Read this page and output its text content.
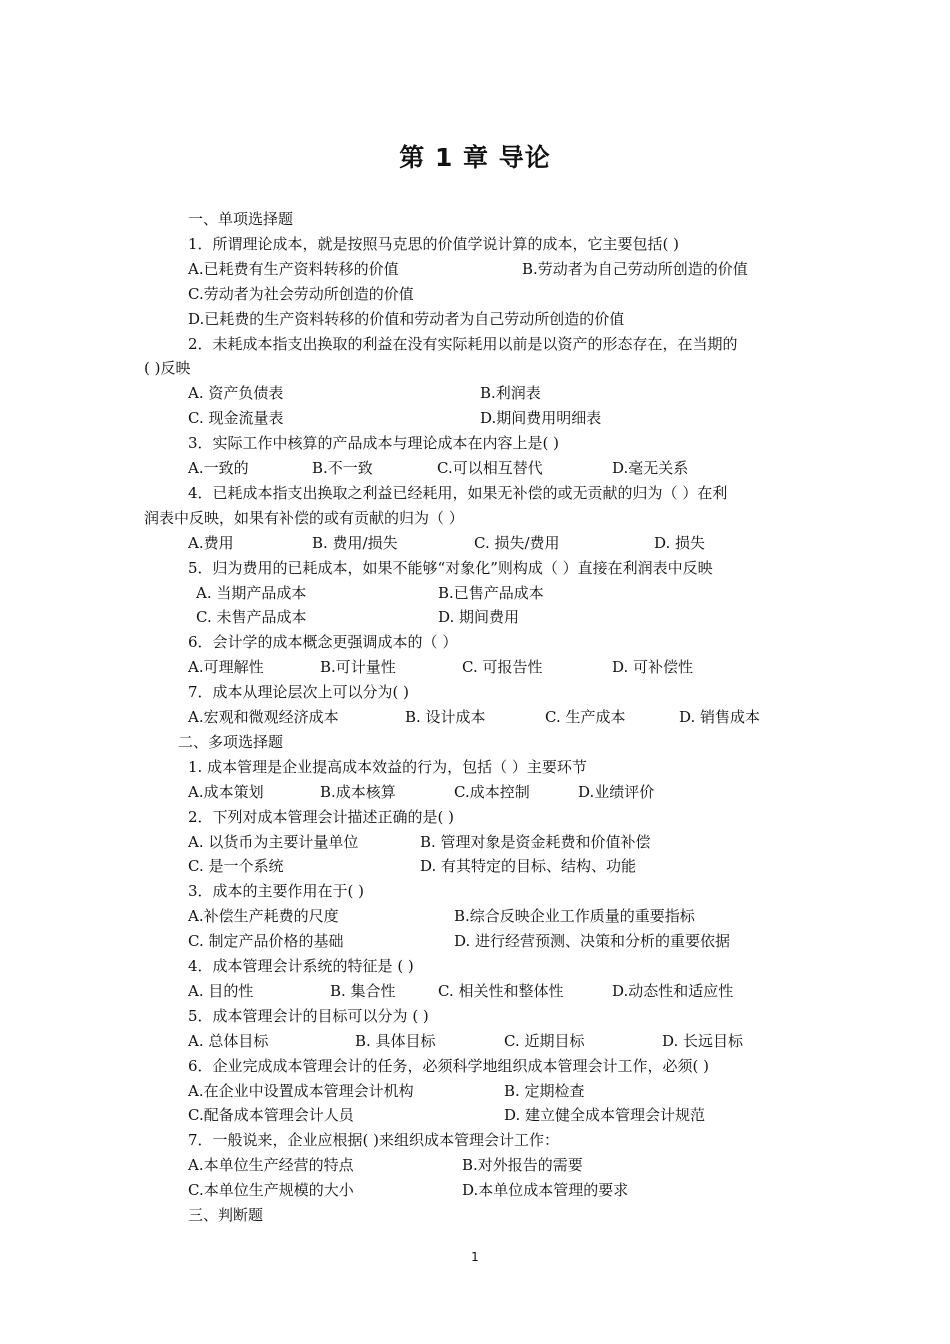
第 1 章 导论
一、单项选择题
1．所谓理论成本，就是按照马克思的价值学说计算的成本，它主要包括( )
A.已耗费有生产资料转移的价值	B.劳动者为自己劳动所创造的价值
C.劳动者为社会劳动所创造的价值
D.已耗费的生产资料转移的价值和劳动者为自己劳动所创造的价值
2．未耗成本指支出换取的利益在没有实际耗用以前是以资产的形态存在，在当期的
( )反映
A. 资产负债表	B.利润表
C. 现金流量表	D.期间费用明细表
3．实际工作中核算的产品成本与理论成本在内容上是( )
A.一致的	B.不一致	C.可以相互替代	D.毫无关系
4．已耗成本指支出换取之利益已经耗用，如果无补偿的或无贡献的归为（ ）在利
润表中反映，如果有补偿的或有贡献的归为（ ）
A.费用	B. 费用/损失	C. 损失/费用	D. 损失
5．归为费用的已耗成本，如果不能够“对象化”则构成（ ）直接在利润表中反映
A. 当期产品成本	B.已售产品成本
C. 未售产品成本	D. 期间费用
6．会计学的成本概念更强调成本的（ ）
A.可理解性	B.可计量性	C. 可报告性	D. 可补偿性
7．成本从理论层次上可以分为( )
A.宏观和微观经济成本	B. 设计成本	C. 生产成本	D. 销售成本
二、多项选择题
1. 成本管理是企业提高成本效益的行为，包括（ ）主要环节
A.成本策划	B.成本核算	C.成本控制	D.业绩评价
2．下列对成本管理会计描述正确的是( )
A. 以货币为主要计量单位	B. 管理对象是资金耗费和价值补偿
C. 是一个系统	D. 有其特定的目标、结构、功能
3．成本的主要作用在于( )
A.补偿生产耗费的尺度	B.综合反映企业工作质量的重要指标
C. 制定产品价格的基础	D. 进行经营预测、决策和分析的重要依据
4．成本管理会计系统的特征是 ( )
A. 目的性	B. 集合性	C. 相关性和整体性	D.动态性和适应性
5．成本管理会计的目标可以分为 ( )
A. 总体目标	B. 具体目标	C. 近期目标	D. 长远目标
6．企业完成成本管理会计的任务，必须科学地组织成本管理会计工作，必须( )
A.在企业中设置成本管理会计机构	B. 定期检查
C.配备成本管理会计人员	D. 建立健全成本管理会计规范
7．一般说来，企业应根据( )来组织成本管理会计工作：
A.本单位生产经营的特点	B.对外报告的需要
C.本单位生产规模的大小	D.本单位成本管理的要求
三、判断题
1
